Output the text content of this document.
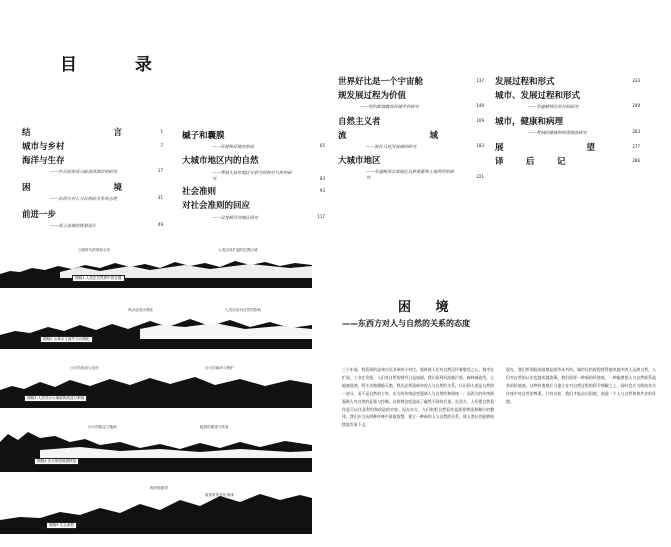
目 录
结　　言	1
城市与乡村	7
海洋与生存
——沙丘的形成与新泽西海岸的研究	17
困　　境
——东西方对人与自然的关系的态度	31
前进一步
——黑土流域的规划设计	49
槭子和囊膜
——环境和环境的形成	65
大城市地区内的自然
——费城大城市地区开放空间和空气库的研究	83
社会准则	93
对社会准则的回应
——汉普顿河谷地区研究	117
世界好比是一个宇宙舱	137
规发展过程为价值
——纽约斯塔腾岛环境评价研究	149
自然主义者	169
流　　域
——波托马克河流域的研究	183
大城市地区
——华盛顿西北部地区自然要素和土地利用的研究	221
发展过程和形式	233
城市、发展过程和形式
——华盛顿特区的分析研究	249
城市，健康和病理
——费城的健康和病理调查研究	263
展　　望	277
译　后　记	286
文明时代的原始分布	人类活动扩展的范围区域
图版1 人类在自然界中的位置
风沙造成沙漠化	人类活动对自然的影响
图版2 山林水土流失与沙漠化
沙丘的形成与变化	沙丘的破坏与保护
图版3 人类对沙丘地貌的改造与利用
沙丘的稳定与植被	植被的重建与恢复
图版4 沙丘草原植被恢复
海岸植被带
植被带的变化规律
图版5 生态演替
困 境
——东西方对人与自然的关系的态度
三十年前，我看到的是弗吉尼亚州的小村庄，那时候人们对自然还怀着敬畏之心。城市在扩展，工业在发展，人们对自然的掠夺日益加剧。我们看到河流被污染，森林被砍伐，土地被侵蚀，野生动物濒临灭绝。我们必须重新审视人与自然的关系，认识到人类是自然的一部分，而不是自然的主宰。东方的传统思想强调人与自然的和谐统一，而西方的传统则强调人对自然的征服与控制。这两种态度造成了截然不同的后果。在西方，人们把自然看作是可以任意利用和改造的对象；而在东方，人们则把自然看作是需要尊重和顺应的整体。我们应当从两种传统中汲取智慧，建立一种新的人与自然的关系，使人类社会能够持续地发展下去。
现在，我们所面临的困境是前所未有的。城市化的进程使得越来越多的人远离自然，人们对自然的认识也越来越淡薄。我们需要一种新的价值观，一种能够把人与自然联系起来的价值观。这种价值观应当建立在对自然过程的科学理解之上，同时也应当吸收东方传统中对自然的尊重。只有这样，我们才能走出困境，创造一个人与自然和谐共存的环境。
